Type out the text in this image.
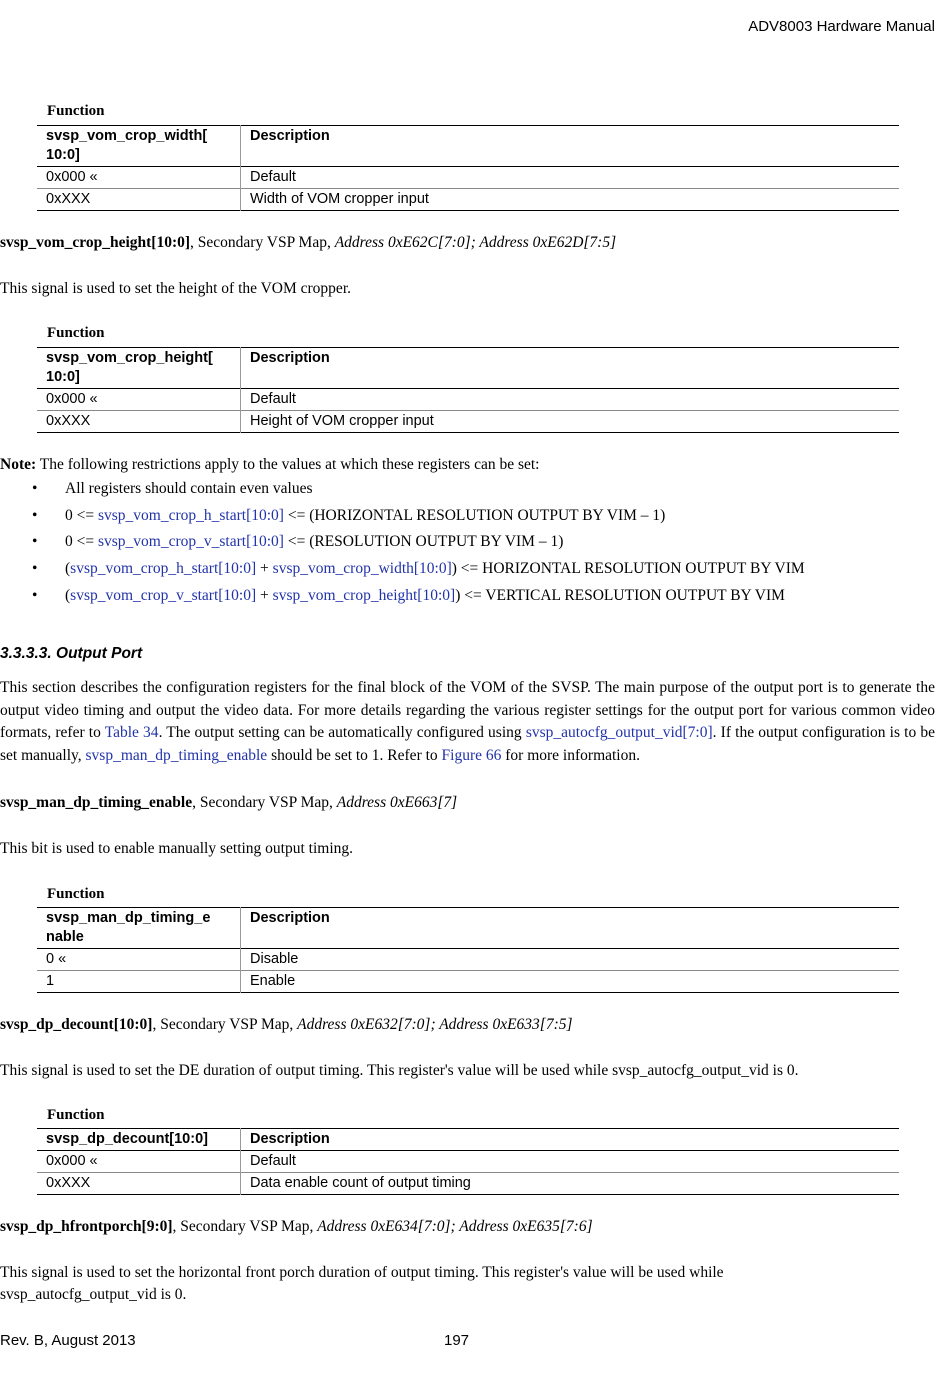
ADV8003 Hardware Manual
Function
svsp_vom_crop_width[ 10:0]	Description
0x000 «	Default
0xXXX	Width of VOM cropper input
svsp_vom_crop_height[10:0], Secondary VSP Map, Address 0xE62C[7:0]; Address 0xE62D[7:5]
This signal is used to set the height of the VOM cropper.
Function
svsp_vom_crop_height[ 10:0]	Description
0x000 «	Default
0xXXX	Height of VOM cropper input
Note: The following restrictions apply to the values at which these registers can be set:
• All registers should contain even values
• 0 <= svsp_vom_crop_h_start[10:0] <= (HORIZONTAL RESOLUTION OUTPUT BY VIM – 1)
• 0 <= svsp_vom_crop_v_start[10:0] <= (RESOLUTION OUTPUT BY VIM – 1)
• (svsp_vom_crop_h_start[10:0] + svsp_vom_crop_width[10:0]) <= HORIZONTAL RESOLUTION OUTPUT BY VIM
• (svsp_vom_crop_v_start[10:0] + svsp_vom_crop_height[10:0]) <= VERTICAL RESOLUTION OUTPUT BY VIM
3.3.3.3. Output Port
This section describes the configuration registers for the final block of the VOM of the SVSP. The main purpose of the output port is to generate the output video timing and output the video data. For more details regarding the various register settings for the output port for various common video formats, refer to Table 34. The output setting can be automatically configured using svsp_autocfg_output_vid[7:0]. If the output configuration is to be set manually, svsp_man_dp_timing_enable should be set to 1. Refer to Figure 66 for more information.
svsp_man_dp_timing_enable, Secondary VSP Map, Address 0xE663[7]
This bit is used to enable manually setting output timing.
Function
svsp_man_dp_timing_e nable	Description
0 «	Disable
1	Enable
svsp_dp_decount[10:0], Secondary VSP Map, Address 0xE632[7:0]; Address 0xE633[7:5]
This signal is used to set the DE duration of output timing. This register's value will be used while svsp_autocfg_output_vid is 0.
Function
svsp_dp_decount[10:0]	Description
0x000 «	Default
0xXXX	Data enable count of output timing
svsp_dp_hfrontporch[9:0], Secondary VSP Map, Address 0xE634[7:0]; Address 0xE635[7:6]
This signal is used to set the horizontal front porch duration of output timing. This register's value will be used while
svsp_autocfg_output_vid is 0.
Rev. B, August 2013	197
